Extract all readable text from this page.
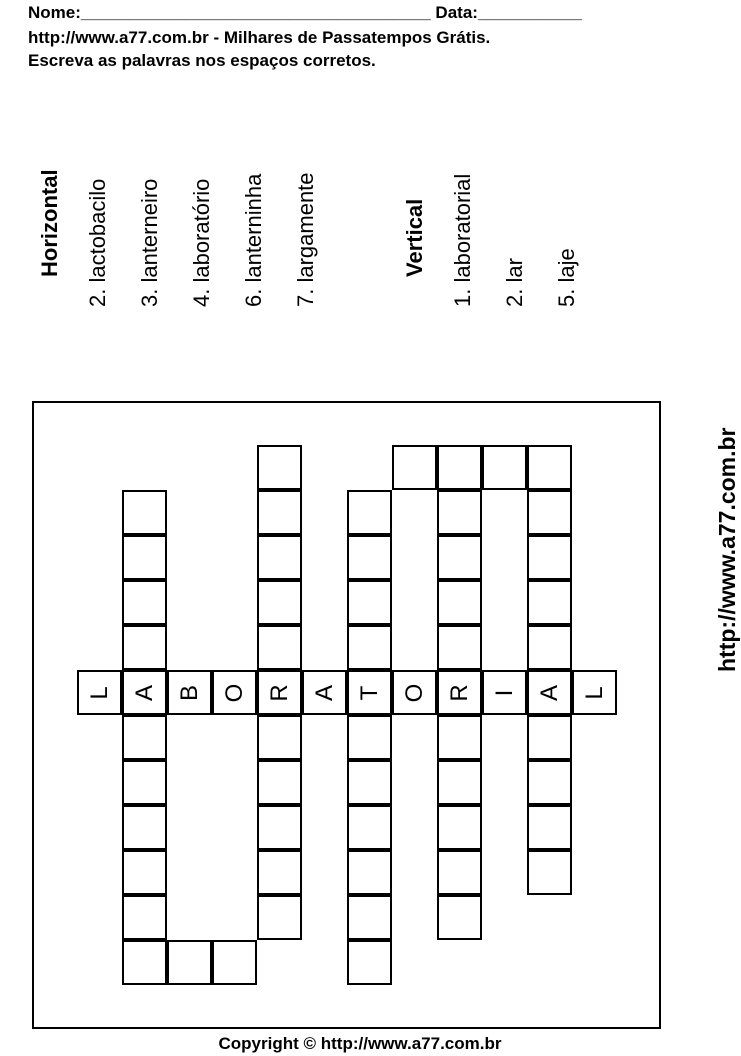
Nome:_____________________________________ Data:___________
http://www.a77.com.br - Milhares de Passatempos Grátis.
Escreva as palavras nos espaços corretos.
Horizontal 2. lactobacilo 3. lanterneiro 4. laboratório 6. lanterninha 7. largamente	Vertical 1. laboratorial 2. lar 5. laje
L A B O R A T O R I A L
http://www.a77.com.br
Copyright © http://www.a77.com.br
